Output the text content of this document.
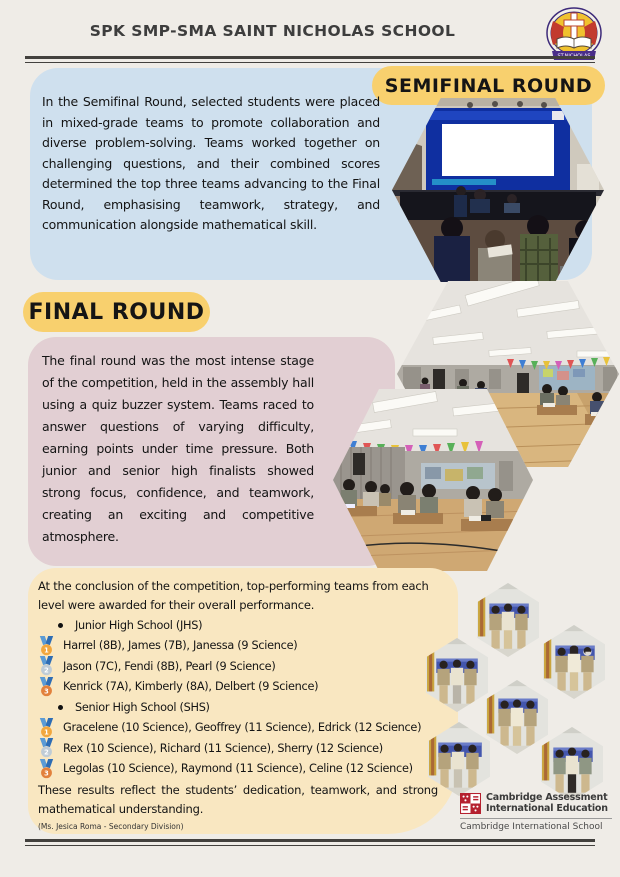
SPK SMP-SMA SAINT NICHOLAS SCHOOL
SEMIFINAL ROUND
In the Semifinal Round, selected students were placed in mixed-grade teams to promote collaboration and diverse problem-solving. Teams worked together on challenging questions, and their combined scores determined the top three teams advancing to the Final Round, emphasising teamwork, strategy, and communication alongside mathematical skill.
FINAL ROUND
The final round was the most intense stage of the competition, held in the assembly hall using a quiz buzzer system. Teams raced to answer questions of varying difficulty, earning points under time pressure. Both junior and senior high finalists showed strong focus, confidence, and teamwork, creating an exciting and competitive atmosphere.
At the conclusion of the competition, top-performing teams from each level were awarded for their overall performance.
Junior High School (JHS)
1 Harrel (8B), James (7B), Janessa (9 Science)
2 Jason (7C), Fendi (8B), Pearl (9 Science)
3 Kenrick (7A), Kimberly (8A), Delbert (9 Science)
Senior High School (SHS)
1 Gracelene (10 Science), Geoffrey (11 Science), Edrick (12 Science)
2 Rex (10 Science), Richard (11 Science), Sherry (12 Science)
3 Legolas (10 Science), Raymond (11 Science), Celine (12 Science)
These results reflect the students’ dedication, teamwork, and strong mathematical understanding.
(Ms. Jesica Roma - Secondary Division)
Cambridge Assessment
International Education
Cambridge International School
